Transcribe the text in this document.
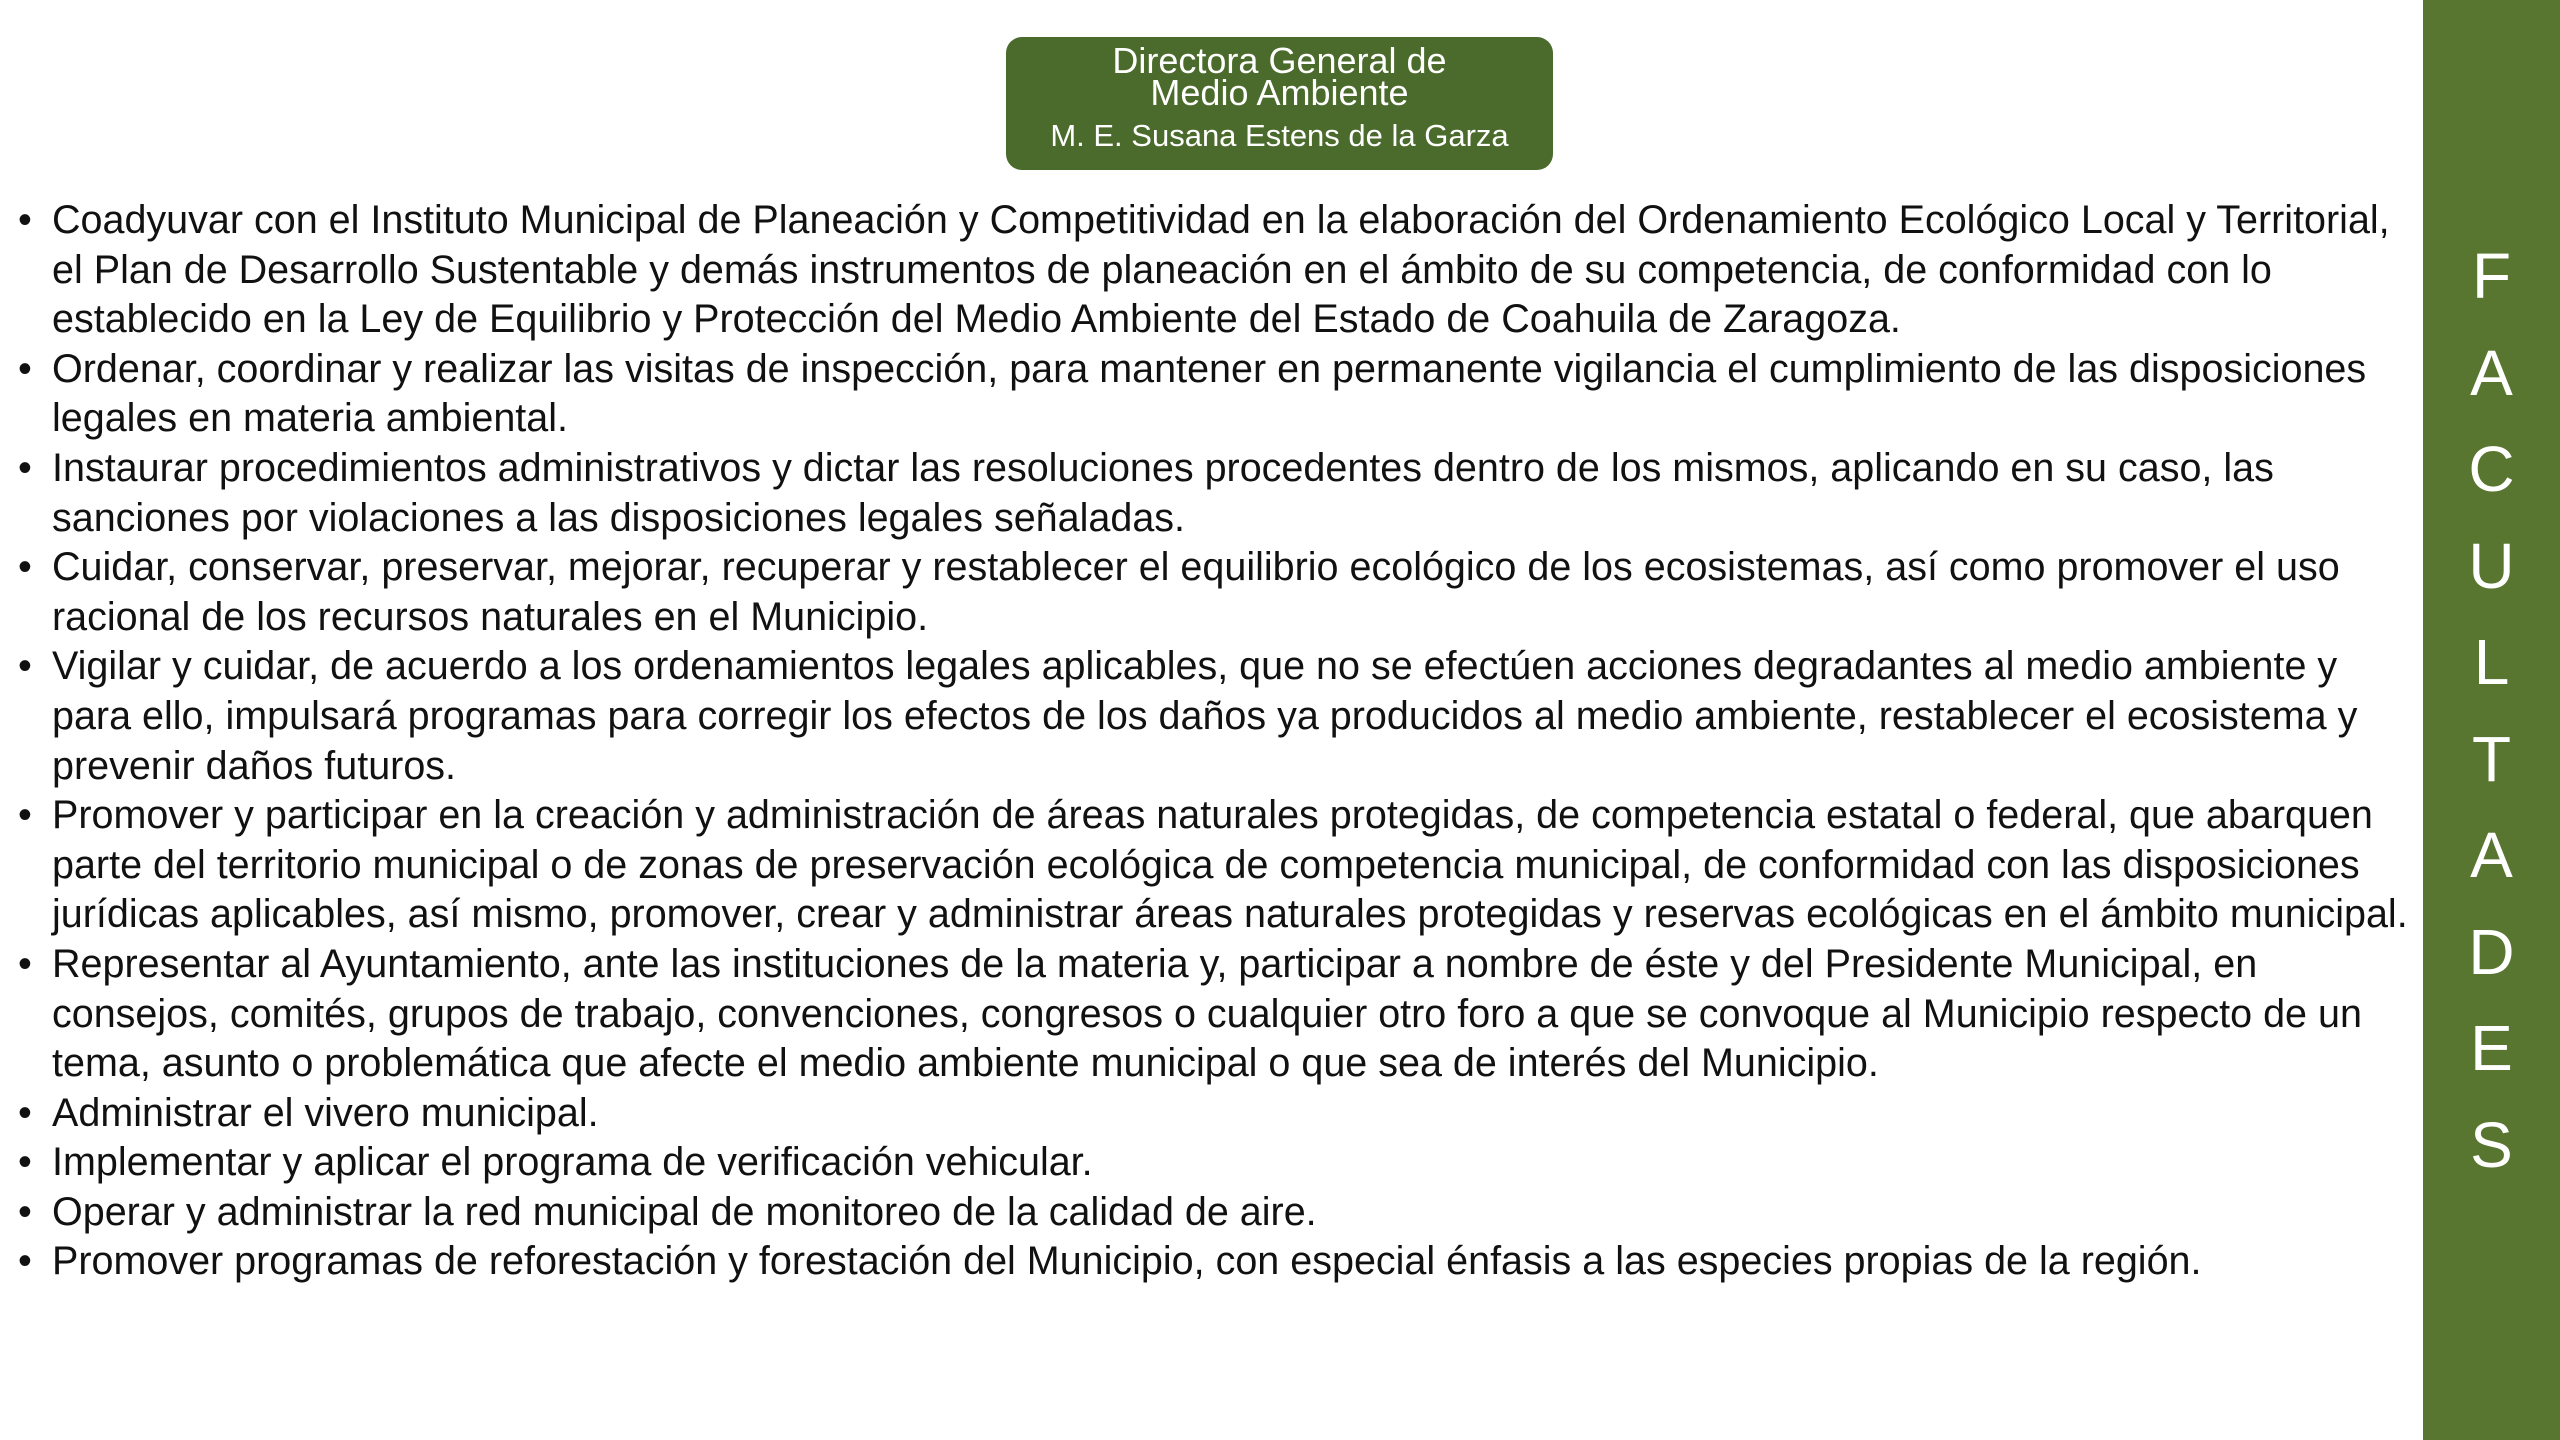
Directora General de
Medio Ambiente
M. E. Susana Estens de la Garza
• Coadyuvar con el Instituto Municipal de Planeación y Competitividad en la elaboración del Ordenamiento Ecológico Local y Territorial, el Plan de Desarrollo Sustentable y demás instrumentos de planeación en el ámbito de su competencia, de conformidad con lo establecido en la Ley de Equilibrio y Protección del Medio Ambiente del Estado de Coahuila de Zaragoza.
• Ordenar, coordinar y realizar las visitas de inspección, para mantener en permanente vigilancia el cumplimiento de las disposiciones legales en materia ambiental.
• Instaurar procedimientos administrativos y dictar las resoluciones procedentes dentro de los mismos, aplicando en su caso, las sanciones por violaciones a las disposiciones legales señaladas.
• Cuidar, conservar, preservar, mejorar, recuperar y restablecer el equilibrio ecológico de los ecosistemas, así como promover el uso racional de los recursos naturales en el Municipio.
• Vigilar y cuidar, de acuerdo a los ordenamientos legales aplicables, que no se efectúen acciones degradantes al medio ambiente y para ello, impulsará programas para corregir los efectos de los daños ya producidos al medio ambiente, restablecer el ecosistema y prevenir daños futuros.
• Promover y participar en la creación y administración de áreas naturales protegidas, de competencia estatal o federal, que abarquen parte del territorio municipal o de zonas de preservación ecológica de competencia municipal, de conformidad con las disposiciones jurídicas aplicables, así mismo, promover, crear y administrar áreas naturales protegidas y reservas ecológicas en el ámbito municipal.
• Representar al Ayuntamiento, ante las instituciones de la materia y, participar a nombre de éste y del Presidente Municipal, en consejos, comités, grupos de trabajo, convenciones, congresos o cualquier otro foro a que se convoque al Municipio respecto de un tema, asunto o problemática que afecte el medio ambiente municipal o que sea de interés del Municipio.
• Administrar el vivero municipal.
• Implementar y aplicar el programa de verificación vehicular.
• Operar y administrar la red municipal de monitoreo de la calidad de aire.
• Promover programas de reforestación y forestación del Municipio, con especial énfasis a las especies propias de la región.
F
A
C
U
L
T
A
D
E
S
